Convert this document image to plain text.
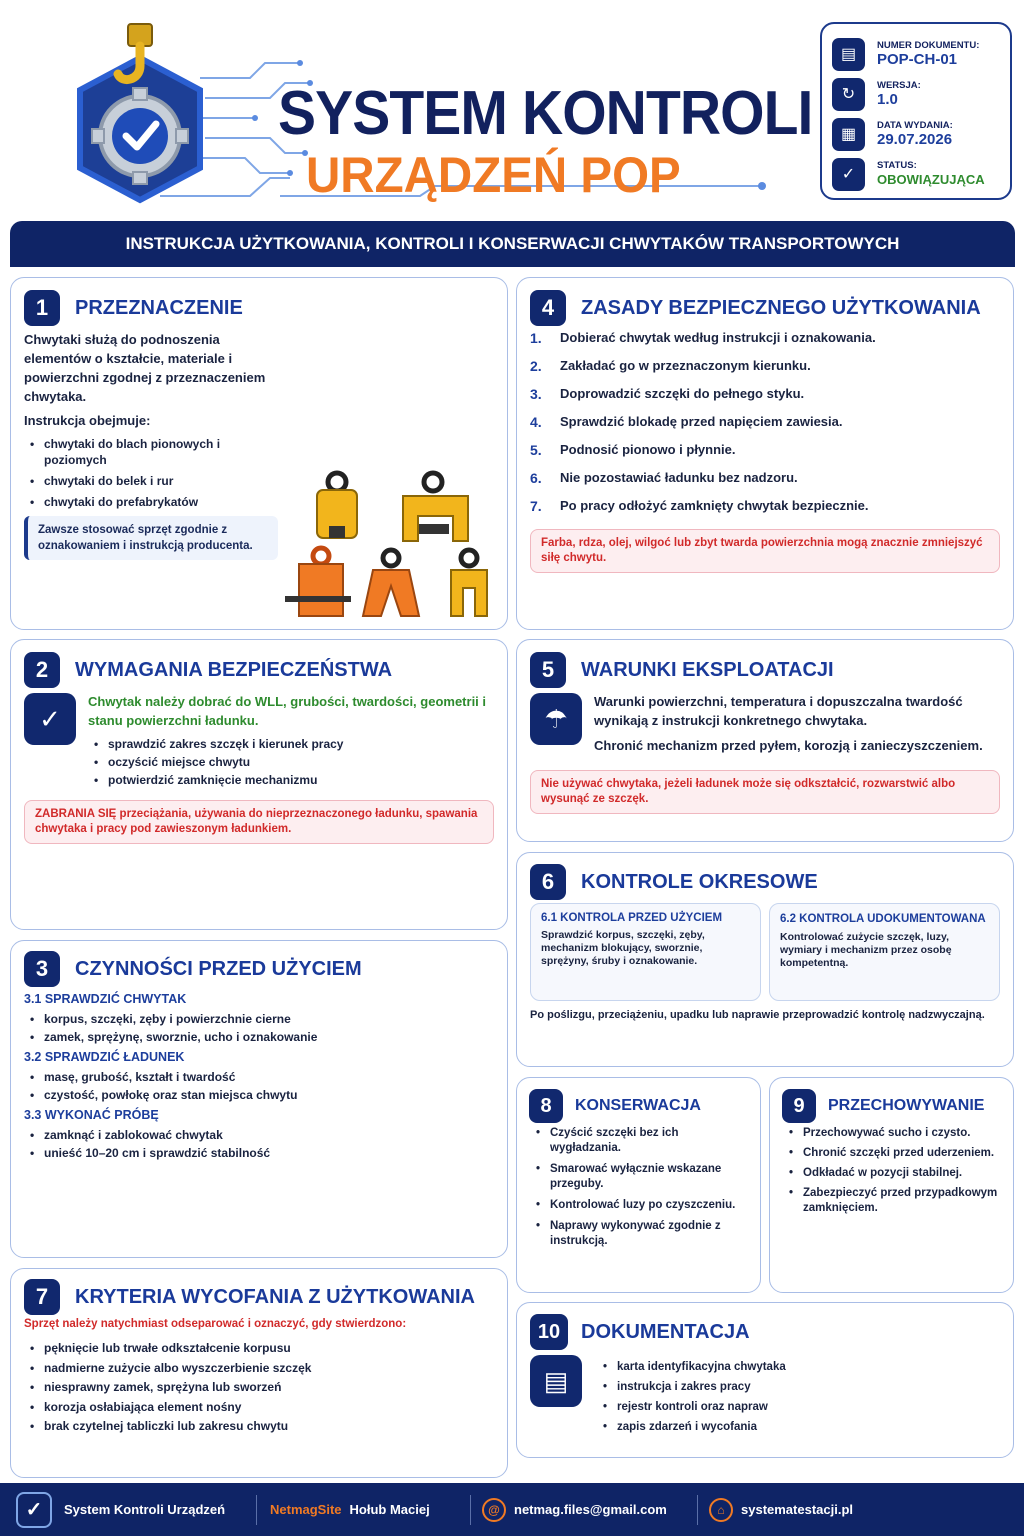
SYSTEM KONTROLI
URZĄDZEŃ POP
▤
NUMER DOKUMENTU:
POP-CH-01
↻
WERSJA:
1.0
▦
DATA WYDANIA:
29.07.2026
✓
STATUS:
OBOWIĄZUJĄCA
INSTRUKCJA UŻYTKOWANIA, KONTROLI I KONSERWACJI CHWYTAKÓW TRANSPORTOWYCH
1	PRZEZNACZENIE
Chwytaki służą do podnoszenia elementów o kształcie, materiale i powierzchni zgodnej z przeznaczeniem chwytaka.
Instrukcja obejmuje:
• chwytaki do blach pionowych i poziomych
• chwytaki do belek i rur
• chwytaki do prefabrykatów
Zawsze stosować sprzęt zgodnie z oznakowaniem i instrukcją producenta.
4	ZASADY BEZPIECZNEGO UŻYTKOWANIA
1.	Dobierać chwytak według instrukcji i oznakowania.
2.	Zakładać go w przeznaczonym kierunku.
3.	Doprowadzić szczęki do pełnego styku.
4.	Sprawdzić blokadę przed napięciem zawiesia.
5.	Podnosić pionowo i płynnie.
6.	Nie pozostawiać ładunku bez nadzoru.
7.	Po pracy odłożyć zamknięty chwytak bezpiecznie.
Farba, rdza, olej, wilgoć lub zbyt twarda powierzchnia mogą znacznie zmniejszyć siłę chwytu.
2	WYMAGANIA BEZPIECZEŃSTWA
✓
Chwytak należy dobrać do WLL, grubości, twardości, geometrii i stanu powierzchni ładunku.
• sprawdzić zakres szczęk i kierunek pracy
• oczyścić miejsce chwytu
• potwierdzić zamknięcie mechanizmu
ZABRANIA SIĘ przeciążania, używania do nieprzeznaczonego ładunku, spawania chwytaka i pracy pod zawieszonym ładunkiem.
5	WARUNKI EKSPLOATACJI
☂
Warunki powierzchni, temperatura i dopuszczalna twardość wynikają z instrukcji konkretnego chwytaka.
Chronić mechanizm przed pyłem, korozją i zanieczyszczeniem.
Nie używać chwytaka, jeżeli ładunek może się odkształcić, rozwarstwić albo wysunąć ze szczęk.
6	KONTROLE OKRESOWE
6.1 KONTROLA PRZED UŻYCIEM
Sprawdzić korpus, szczęki, zęby, mechanizm blokujący, sworznie, sprężyny, śruby i oznakowanie.
6.2 KONTROLA UDOKUMENTOWANA
Kontrolować zużycie szczęk, luzy, wymiary i mechanizm przez osobę kompetentną.
Po poślizgu, przeciążeniu, upadku lub naprawie przeprowadzić kontrolę nadzwyczajną.
3	CZYNNOŚCI PRZED UŻYCIEM
3.1 SPRAWDZIĆ CHWYTAK
• korpus, szczęki, zęby i powierzchnie cierne
• zamek, sprężynę, sworznie, ucho i oznakowanie
3.2 SPRAWDZIĆ ŁADUNEK
• masę, grubość, kształt i twardość
• czystość, powłokę oraz stan miejsca chwytu
3.3 WYKONAĆ PRÓBĘ
• zamknąć i zablokować chwytak
• unieść 10–20 cm i sprawdzić stabilność
8	KONSERWACJA
• Czyścić szczęki bez ich wygładzania.
• Smarować wyłącznie wskazane przeguby.
• Kontrolować luzy po czyszczeniu.
• Naprawy wykonywać zgodnie z instrukcją.
9	PRZECHOWYWANIE
• Przechowywać sucho i czysto.
• Chronić szczęki przed uderzeniem.
• Odkładać w pozycji stabilnej.
• Zabezpieczyć przed przypadkowym zamknięciem.
7	KRYTERIA WYCOFANIA Z UŻYTKOWANIA
Sprzęt należy natychmiast odseparować i oznaczyć, gdy stwierdzono:
• pęknięcie lub trwałe odkształcenie korpusu
• nadmierne zużycie albo wyszczerbienie szczęk
• niesprawny zamek, sprężyna lub sworzeń
• korozja osłabiająca element nośny
• brak czytelnej tabliczki lub zakresu chwytu
10	DOKUMENTACJA
▤
•	karta identyfikacyjna chwytaka
• instrukcja i zakres pracy
• rejestr kontroli oraz napraw
• zapis zdarzeń i wycofania
✓	System Kontroli Urządzeń	NetmagSite Hołub Maciej	@	netmag.files@gmail.com	⌂	systematestacji.pl
